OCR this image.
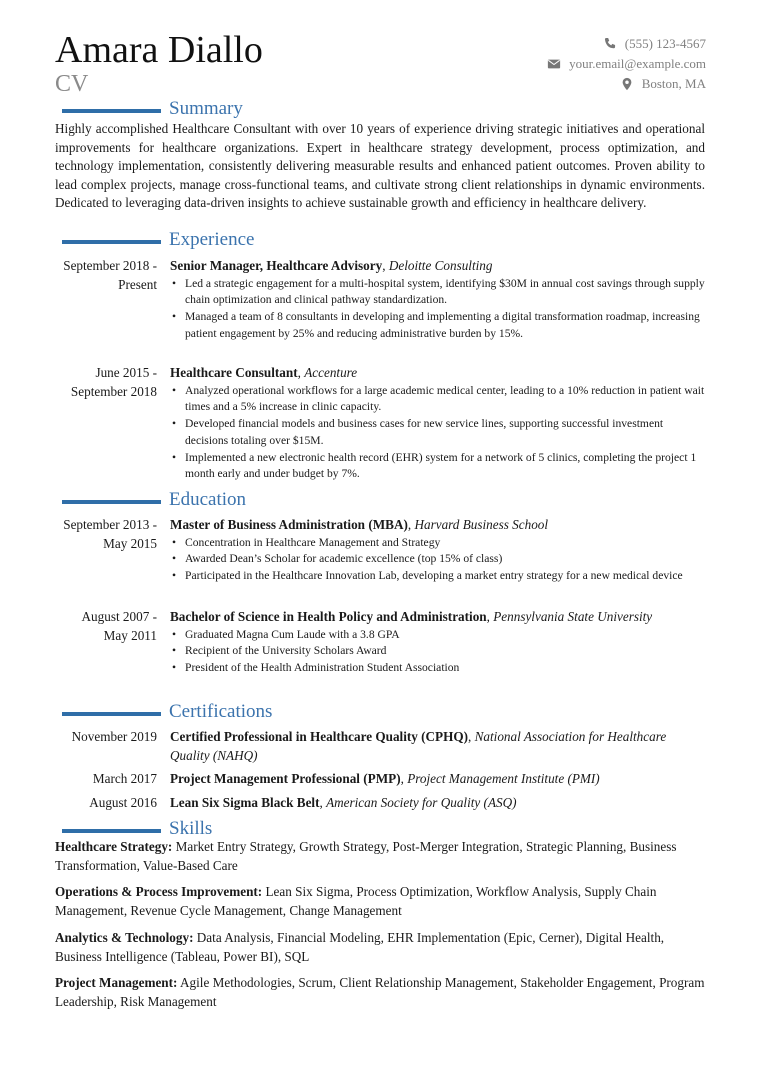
Amara Diallo
CV
(555) 123-4567
your.email@example.com
Boston, MA
Summary
Highly accomplished Healthcare Consultant with over 10 years of experience driving strategic initiatives and operational improvements for healthcare organizations. Expert in healthcare strategy development, process optimization, and technology implementation, consistently delivering measurable results and enhanced patient outcomes. Proven ability to lead complex projects, manage cross-functional teams, and cultivate strong client relationships in dynamic environments. Dedicated to leveraging data-driven insights to achieve sustainable growth and efficiency in healthcare delivery.
Experience
September 2018 - Present
Senior Manager, Healthcare Advisory, Deloitte Consulting
• Led a strategic engagement for a multi-hospital system, identifying $30M in annual cost savings through supply chain optimization and clinical pathway standardization.
• Managed a team of 8 consultants in developing and implementing a digital transformation roadmap, increasing patient engagement by 25% and reducing administrative burden by 15%.
June 2015 - September 2018
Healthcare Consultant, Accenture
• Analyzed operational workflows for a large academic medical center, leading to a 10% reduction in patient wait times and a 5% increase in clinic capacity.
• Developed financial models and business cases for new service lines, supporting successful investment decisions totaling over $15M.
• Implemented a new electronic health record (EHR) system for a network of 5 clinics, completing the project 1 month early and under budget by 7%.
Education
September 2013 - May 2015
Master of Business Administration (MBA), Harvard Business School
• Concentration in Healthcare Management and Strategy
• Awarded Dean’s Scholar for academic excellence (top 15% of class)
• Participated in the Healthcare Innovation Lab, developing a market entry strategy for a new medical device
August 2007 - May 2011
Bachelor of Science in Health Policy and Administration, Pennsylvania State University
• Graduated Magna Cum Laude with a 3.8 GPA
• Recipient of the University Scholars Award
• President of the Health Administration Student Association
Certifications
November 2019 Certified Professional in Healthcare Quality (CPHQ), National Association for Healthcare Quality (NAHQ)
March 2017 Project Management Professional (PMP), Project Management Institute (PMI)
August 2016 Lean Six Sigma Black Belt, American Society for Quality (ASQ)
Skills
Healthcare Strategy: Market Entry Strategy, Growth Strategy, Post-Merger Integration, Strategic Planning, Business Transformation, Value-Based Care
Operations & Process Improvement: Lean Six Sigma, Process Optimization, Workflow Analysis, Supply Chain Management, Revenue Cycle Management, Change Management
Analytics & Technology: Data Analysis, Financial Modeling, EHR Implementation (Epic, Cerner), Digital Health, Business Intelligence (Tableau, Power BI), SQL
Project Management: Agile Methodologies, Scrum, Client Relationship Management, Stakeholder Engagement, Program Leadership, Risk Management
